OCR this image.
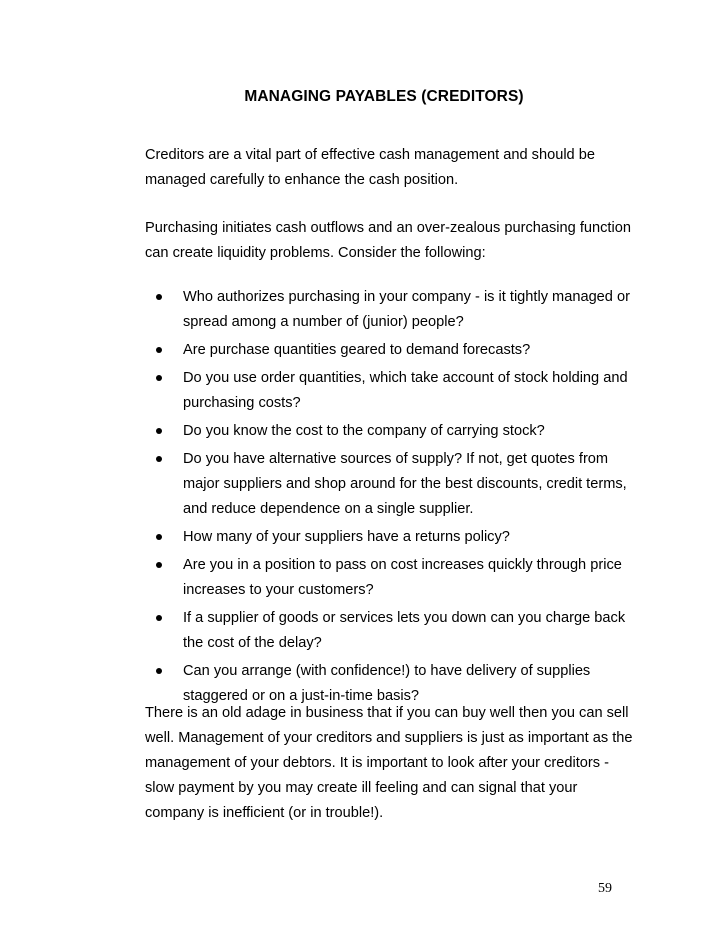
MANAGING PAYABLES (CREDITORS)

Creditors are a vital part of effective cash management and should be managed carefully to enhance the cash position.

Purchasing initiates cash outflows and an over-zealous purchasing function can create liquidity problems. Consider the following:

Who authorizes purchasing in your company - is it tightly managed or spread among a number of (junior) people?
Are purchase quantities geared to demand forecasts?
Do you use order quantities, which take account of stock holding and purchasing costs?
Do you know the cost to the company of carrying stock?
Do you have alternative sources of supply? If not, get quotes from major suppliers and shop around for the best discounts, credit terms, and reduce dependence on a single supplier.
How many of your suppliers have a returns policy?
Are you in a position to pass on cost increases quickly through price increases to your customers?
If a supplier of goods or services lets you down can you charge back the cost of the delay?
Can you arrange (with confidence!) to have delivery of supplies staggered or on a just-in-time basis?

There is an old adage in business that if you can buy well then you can sell well. Management of your creditors and suppliers is just as important as the management of your debtors. It is important to look after your creditors - slow payment by you may create ill feeling and can signal that your company is inefficient (or in trouble!).

59
